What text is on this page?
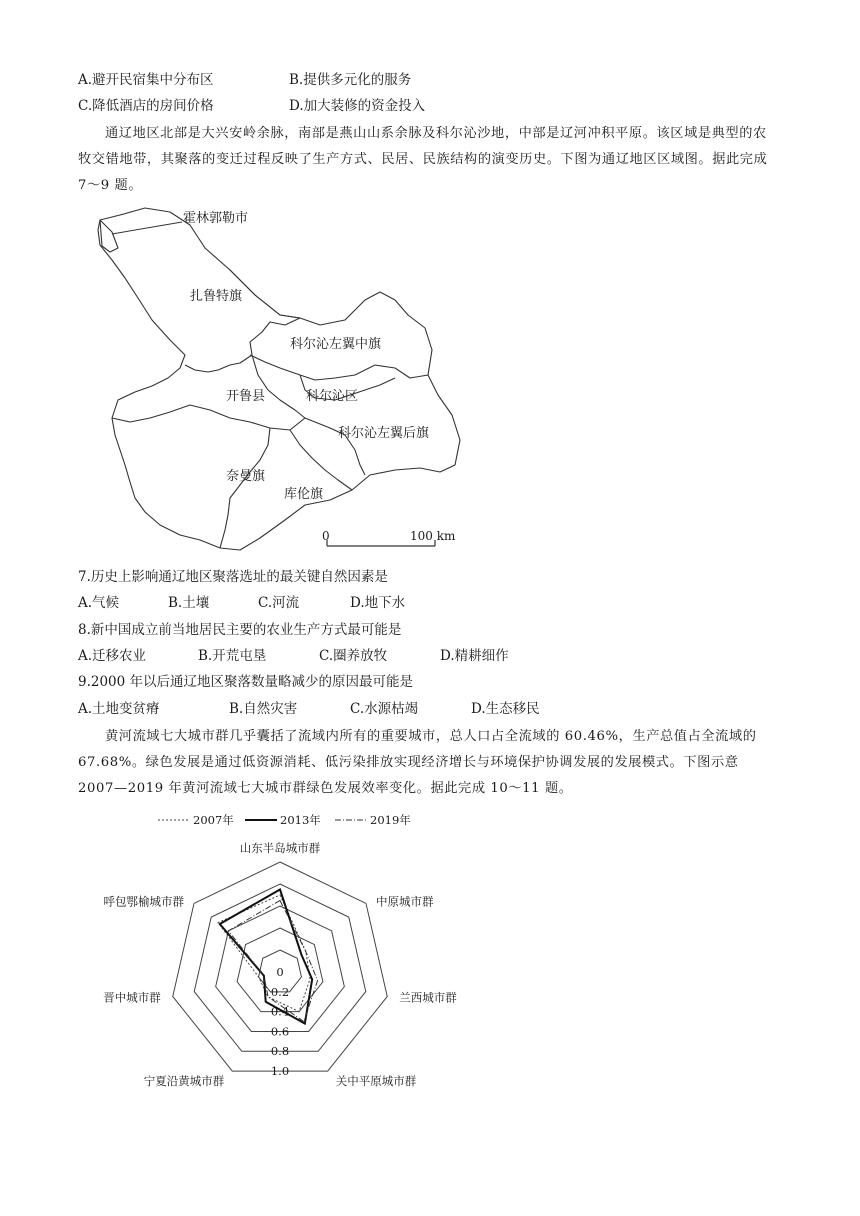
A.避开民宿集中分布区	B.提供多元化的服务
C.降低酒店的房间价格	D.加大装修的资金投入
通辽地区北部是大兴安岭余脉，南部是燕山山系余脉及科尔沁沙地，中部是辽河冲积平原。该区域是典型的农牧交错地带，其聚落的变迁过程反映了生产方式、民居、民族结构的演变历史。下图为通辽地区区域图。据此完成 7～9 题。
霍林郭勒市
扎鲁特旗
科尔沁左翼中旗
开鲁县	科尔沁区
科尔沁左翼后旗
奈曼旗
库伦旗
0	100 km
7.历史上影响通辽地区聚落选址的最关键自然因素是
A.气候	B.土壤	C.河流	D.地下水
8.新中国成立前当地居民主要的农业生产方式最可能是
A.迁移农业	B.开荒屯垦	C.圈养放牧	D.精耕细作
9.2000 年以后通辽地区聚落数量略减少的原因最可能是
A.土地变贫瘠	B.自然灾害	C.水源枯竭	D.生态移民
黄河流域七大城市群几乎囊括了流域内所有的重要城市，总人口占全流域的 60.46%，生产总值占全流域的 67.68%。绿色发展是通过低资源消耗、低污染排放实现经济增长与环境保护协调发展的发展模式。下图示意 2007—2019 年黄河流域七大城市群绿色发展效率变化。据此完成 10～11 题。
0
0.2
0.4
0.6
0.8
1.0
山东半岛城市群
中原城市群
兰西城市群
关中平原城市群
宁夏沿黄城市群
晋中城市群
呼包鄂榆城市群
2007年	2013年	2019年
